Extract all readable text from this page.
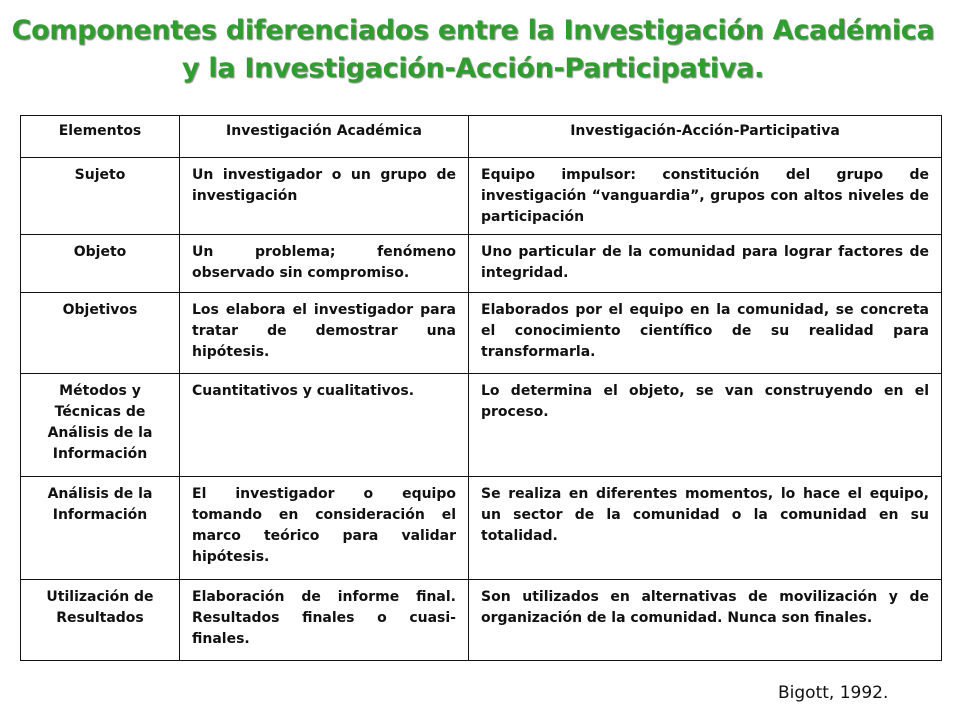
Componentes diferenciados entre la Investigación Académica
y la Investigación-Acción-Participativa.
Elementos	Investigación Académica	Investigación-Acción-Participativa
Sujeto	Un investigador o un grupo de investigación	Equipo impulsor: constitución del grupo de investigación “vanguardia”, grupos con altos niveles de participación
Objeto	Un problema; fenómeno observado sin compromiso.	Uno particular de la comunidad para lograr factores de integridad.
Objetivos	Los elabora el investigador para tratar de demostrar una hipótesis.	Elaborados por el equipo en la comunidad, se concreta el conocimiento científico de su realidad para transformarla.
Métodos y Técnicas de Análisis de la Información	Cuantitativos y cualitativos.	Lo determina el objeto, se van construyendo en el proceso.
Análisis de la Información	El investigador o equipo tomando en consideración el marco teórico para validar hipótesis.	Se realiza en diferentes momentos, lo hace el equipo, un sector de la comunidad o la comunidad en su totalidad.
Utilización de Resultados	Elaboración de informe final. Resultados finales o cuasi-finales.	Son utilizados en alternativas de movilización y de organización de la comunidad. Nunca son finales.
Bigott, 1992.
